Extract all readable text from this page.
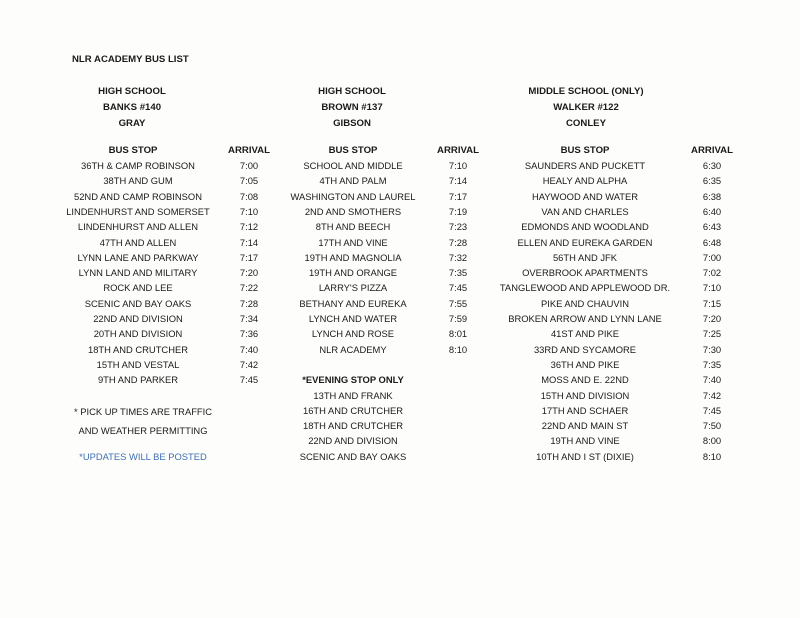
NLR ACADEMY BUS LIST
HIGH SCHOOL
BANKS #140
GRAY
HIGH SCHOOL
BROWN #137
GIBSON
MIDDLE SCHOOL (ONLY)
WALKER #122
CONLEY
BUS STOP	ARRIVAL	BUS STOP	ARRIVAL	BUS STOP	ARRIVAL
36TH & CAMP ROBINSON	7:00
38TH AND GUM	7:05
52ND AND CAMP ROBINSON	7:08
LINDENHURST AND SOMERSET	7:10
LINDENHURST AND ALLEN	7:12
47TH AND ALLEN	7:14
LYNN LANE AND PARKWAY	7:17
LYNN LAND AND MILITARY	7:20
ROCK AND LEE	7:22
SCENIC AND BAY OAKS	7:28
22ND AND DIVISION	7:34
20TH AND DIVISION	7:36
18TH AND CRUTCHER	7:40
15TH AND VESTAL	7:42
9TH AND PARKER	7:45
SCHOOL AND MIDDLE	7:10
4TH AND PALM	7:14
WASHINGTON AND LAUREL	7:17
2ND AND SMOTHERS	7:19
8TH AND BEECH	7:23
17TH AND VINE	7:28
19TH AND MAGNOLIA	7:32
19TH AND ORANGE	7:35
LARRY'S PIZZA	7:45
BETHANY AND EUREKA	7:55
LYNCH AND WATER	7:59
LYNCH AND ROSE	8:01
NLR ACADEMY	8:10
*EVENING STOP ONLY
13TH AND FRANK
16TH AND CRUTCHER
18TH AND CRUTCHER
22ND AND DIVISION
SCENIC AND BAY OAKS
SAUNDERS AND PUCKETT	6:30
HEALY AND ALPHA	6:35
HAYWOOD AND WATER	6:38
VAN AND CHARLES	6:40
EDMONDS AND WOODLAND	6:43
ELLEN AND EUREKA GARDEN	6:48
56TH AND JFK	7:00
OVERBROOK APARTMENTS	7:02
TANGLEWOOD AND APPLEWOOD DR.	7:10
PIKE AND CHAUVIN	7:15
BROKEN ARROW AND LYNN LANE	7:20
41ST AND PIKE	7:25
33RD AND SYCAMORE	7:30
36TH AND PIKE	7:35
MOSS AND E. 22ND	7:40
15TH AND DIVISION	7:42
17TH AND SCHAER	7:45
22ND AND MAIN ST	7:50
19TH AND VINE	8:00
10TH AND I ST (DIXIE)	8:10
* PICK UP TIMES ARE TRAFFIC
AND WEATHER PERMITTING
*UPDATES WILL BE POSTED
